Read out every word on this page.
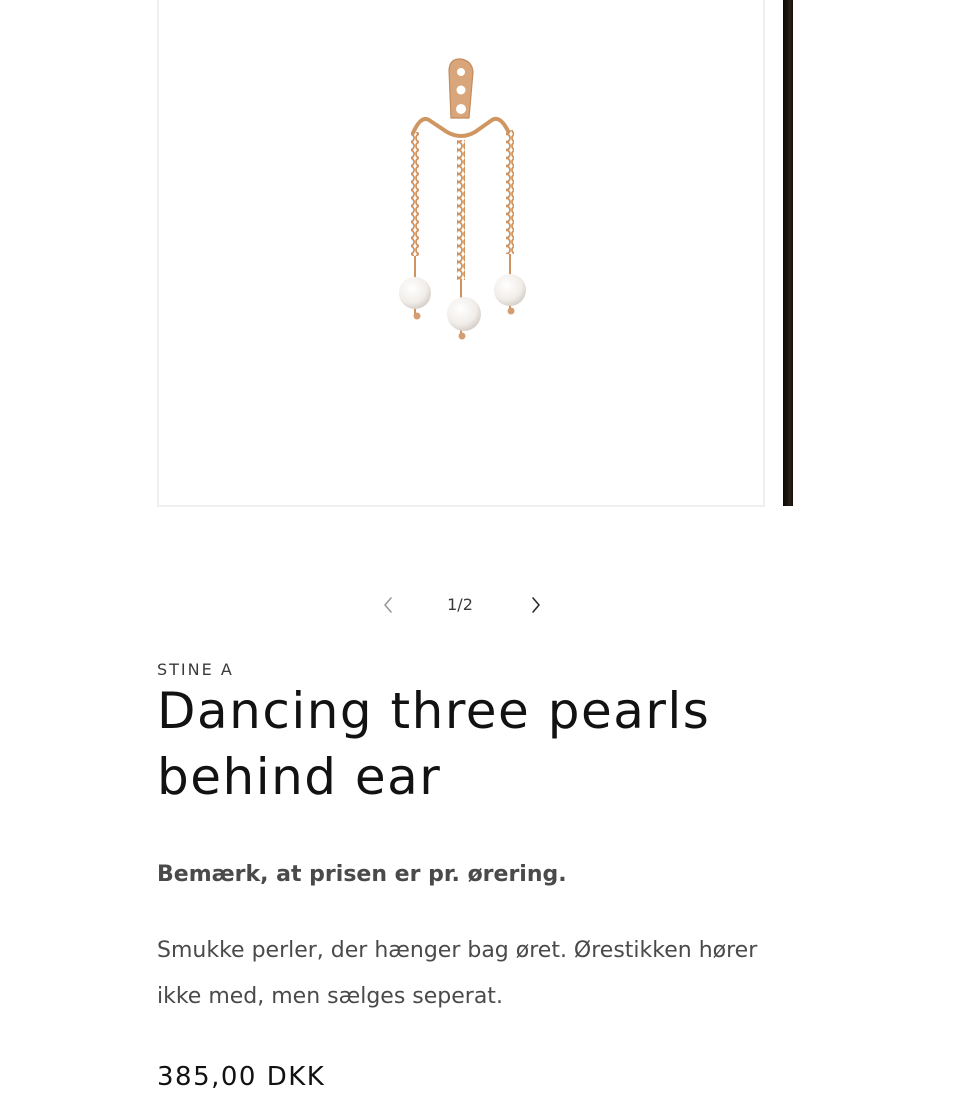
1/2
STINE A
Dancing three pearls behind ear

Bemærk, at prisen er pr. ørering.

Smukke perler, der hænger bag øret. Ørestikken hører ikke med, men sælges seperat.

385,00 DKK
